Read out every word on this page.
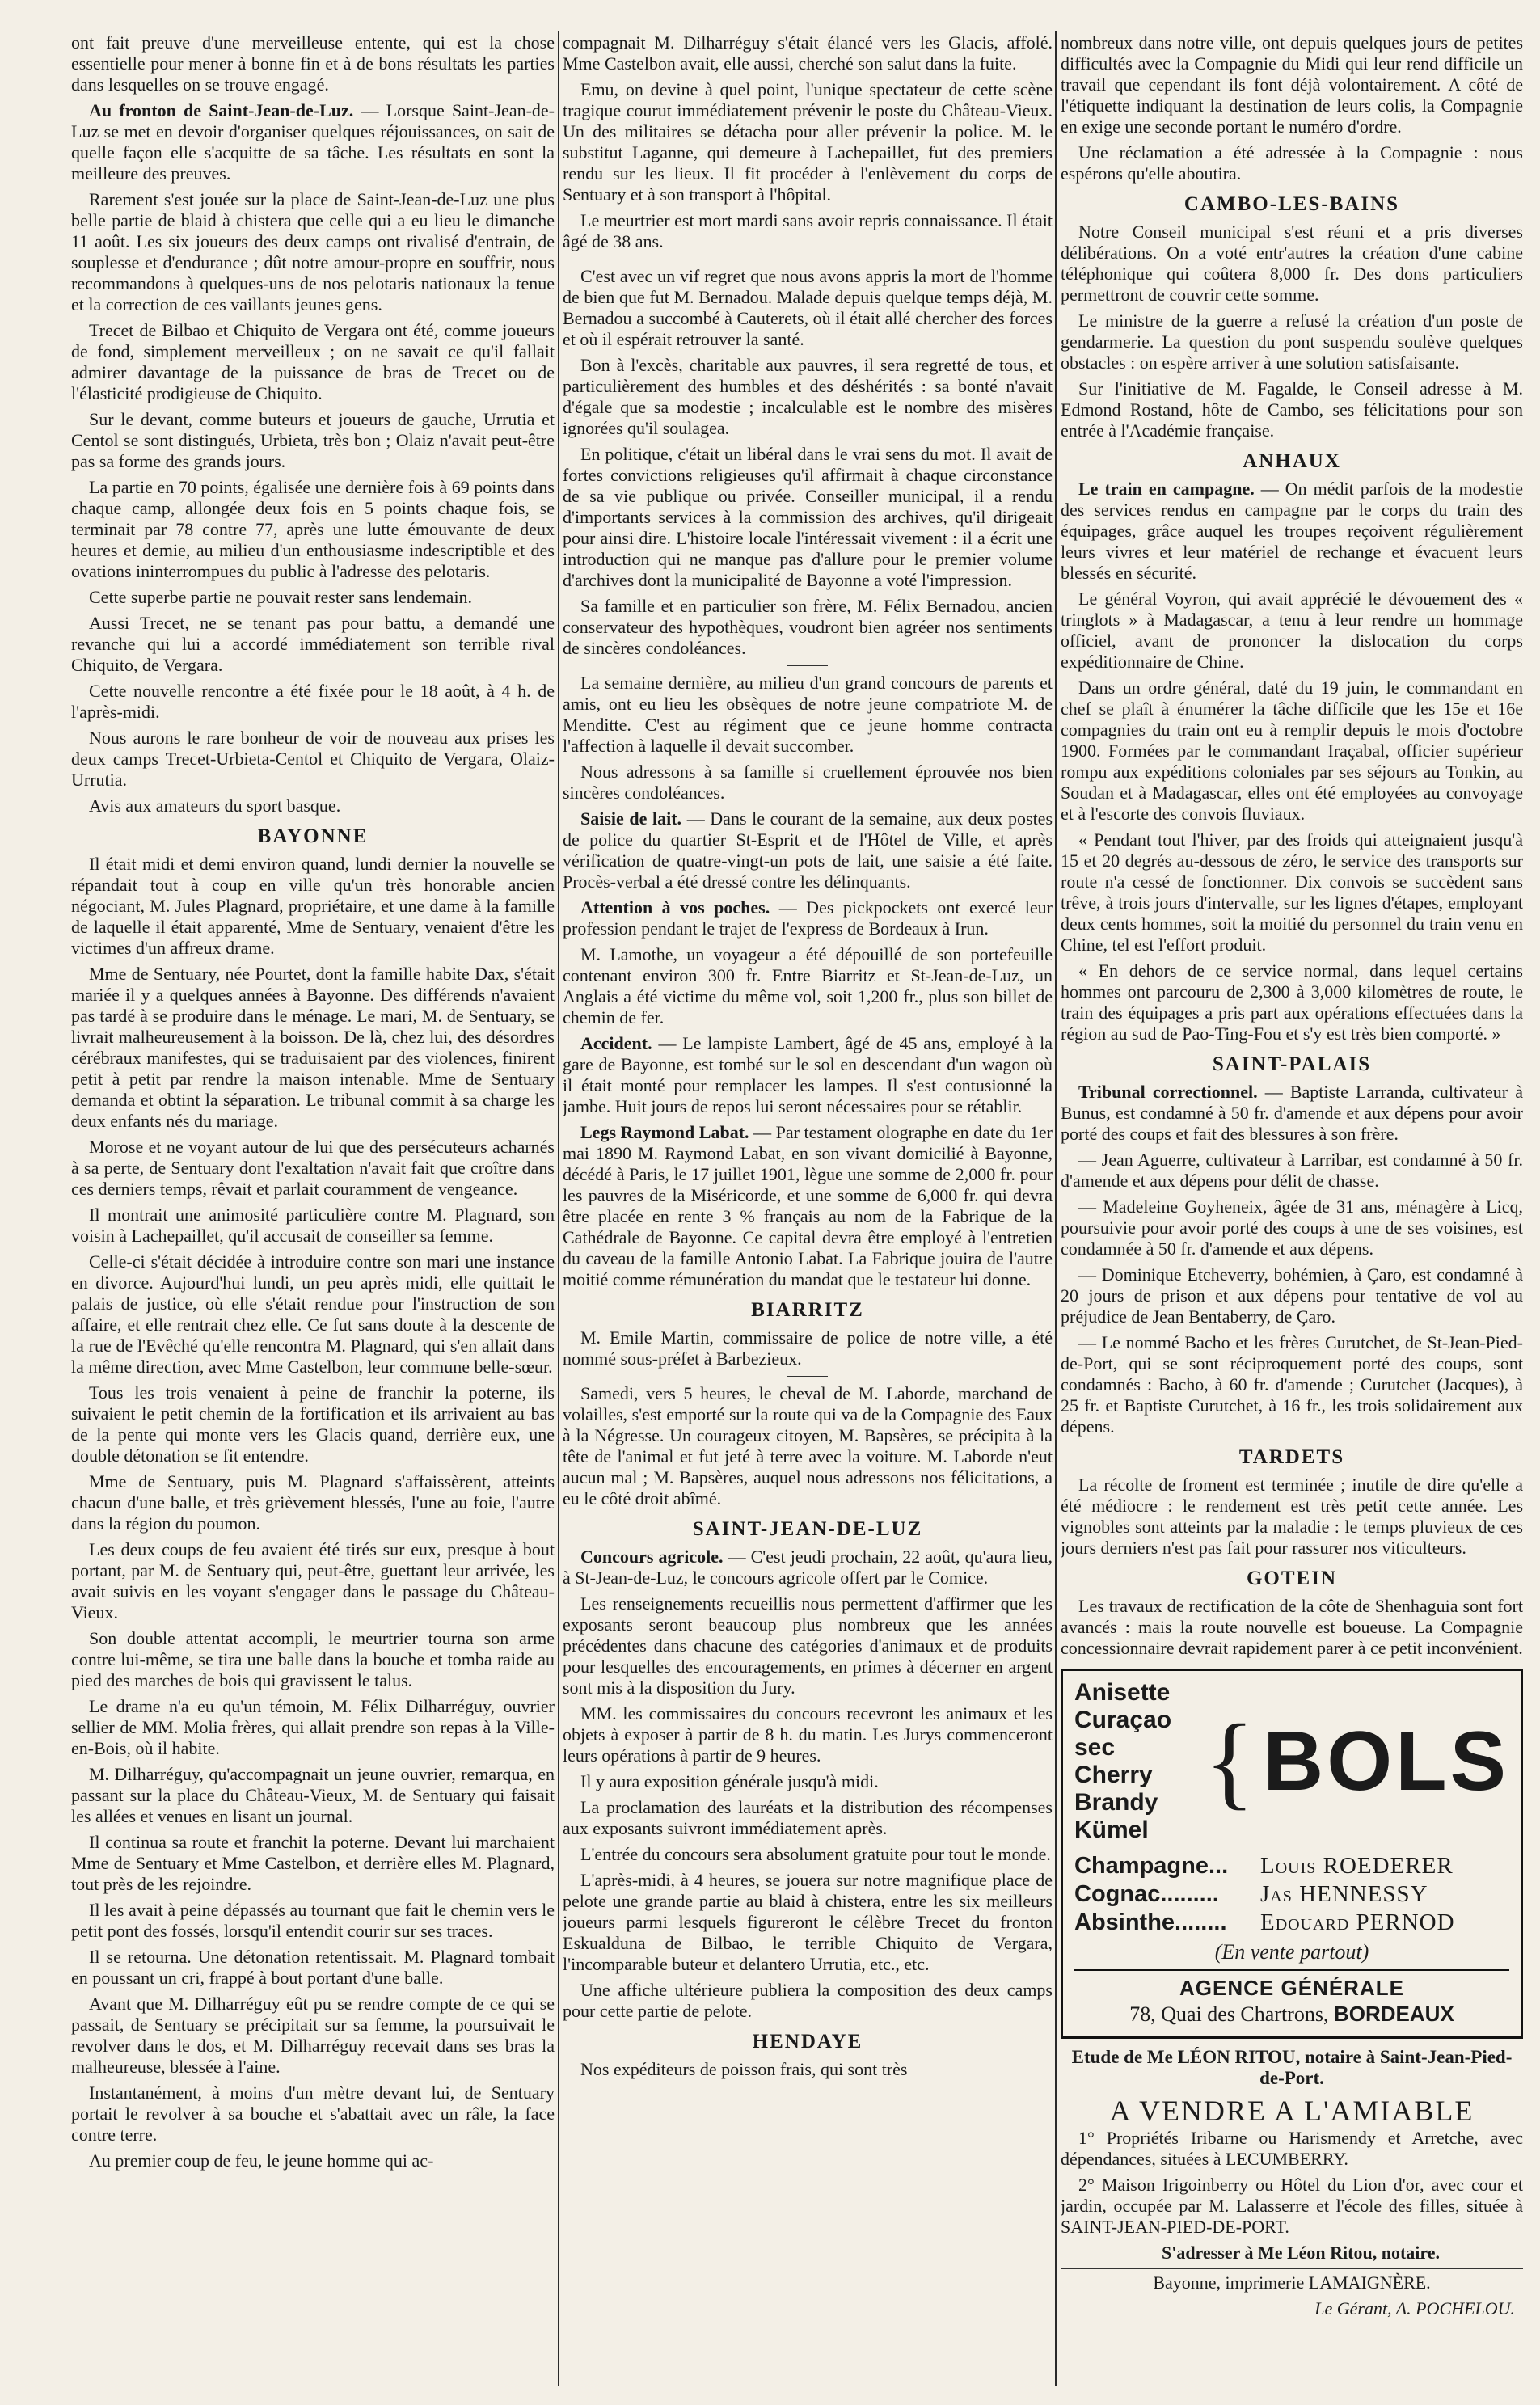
ont fait preuve d'une merveilleuse entente, qui est la chose essentielle pour mener à bonne fin et à de bons résultats les parties dans lesquelles on se trouve engagé.

Au fronton de Saint-Jean-de-Luz. — Lorsque Saint-Jean-de-Luz se met en devoir d'organiser quelques réjouissances, on sait de quelle façon elle s'acquitte de sa tâche. Les résultats en sont la meilleure des preuves.

Rarement s'est jouée sur la place de Saint-Jean-de-Luz une plus belle partie de blaid à chistera que celle qui a eu lieu le dimanche 11 août. Les six joueurs des deux camps ont rivalisé d'entrain, de souplesse et d'endurance ; dût notre amour-propre en souffrir, nous recommandons à quelques-uns de nos pelotaris nationaux la tenue et la correction de ces vaillants jeunes gens.

Trecet de Bilbao et Chiquito de Vergara ont été, comme joueurs de fond, simplement merveilleux ; on ne savait ce qu'il fallait admirer davantage de la puissance de bras de Trecet ou de l'élasticité prodigieuse de Chiquito.

Sur le devant, comme buteurs et joueurs de gauche, Urrutia et Centol se sont distingués, Urbieta, très bon ; Olaiz n'avait peut-être pas sa forme des grands jours.

La partie en 70 points, égalisée une dernière fois à 69 points dans chaque camp, allongée deux fois en 5 points chaque fois, se terminait par 78 contre 77, après une lutte émouvante de deux heures et demie, au milieu d'un enthousiasme indescriptible et des ovations ininterrompues du public à l'adresse des pelotaris.

Cette superbe partie ne pouvait rester sans lendemain.

Aussi Trecet, ne se tenant pas pour battu, a demandé une revanche qui lui a accordé immédiatement son terrible rival Chiquito, de Vergara.

Cette nouvelle rencontre a été fixée pour le 18 août, à 4 h. de l'après-midi.

Nous aurons le rare bonheur de voir de nouveau aux prises les deux camps Trecet-Urbieta-Centol et Chiquito de Vergara, Olaiz-Urrutia.

Avis aux amateurs du sport basque.

BAYONNE

Il était midi et demi environ quand, lundi dernier la nouvelle se répandait tout à coup en ville qu'un très honorable ancien négociant, M. Jules Plagnard, propriétaire, et une dame à la famille de laquelle il était apparenté, Mme de Sentuary, venaient d'être les victimes d'un affreux drame.

Mme de Sentuary, née Pourtet, dont la famille habite Dax, s'était mariée il y a quelques années à Bayonne. Des différends n'avaient pas tardé à se produire dans le ménage. Le mari, M. de Sentuary, se livrait malheureusement à la boisson. De là, chez lui, des désordres cérébraux manifestes, qui se traduisaient par des violences, finirent petit à petit par rendre la maison intenable. Mme de Sentuary demanda et obtint la séparation. Le tribunal commit à sa charge les deux enfants nés du mariage.

Morose et ne voyant autour de lui que des persécuteurs acharnés à sa perte, de Sentuary dont l'exaltation n'avait fait que croître dans ces derniers temps, rêvait et parlait couramment de vengeance.

Il montrait une animosité particulière contre M. Plagnard, son voisin à Lachepaillet, qu'il accusait de conseiller sa femme.

Celle-ci s'était décidée à introduire contre son mari une instance en divorce. Aujourd'hui lundi, un peu après midi, elle quittait le palais de justice, où elle s'était rendue pour l'instruction de son affaire, et elle rentrait chez elle. Ce fut sans doute à la descente de la rue de l'Evêché qu'elle rencontra M. Plagnard, qui s'en allait dans la même direction, avec Mme Castelbon, leur commune belle-sœur.

Tous les trois venaient à peine de franchir la poterne, ils suivaient le petit chemin de la fortification et ils arrivaient au bas de la pente qui monte vers les Glacis quand, derrière eux, une double détonation se fit entendre.

Mme de Sentuary, puis M. Plagnard s'affaissèrent, atteints chacun d'une balle, et très grièvement blessés, l'une au foie, l'autre dans la région du poumon.

Les deux coups de feu avaient été tirés sur eux, presque à bout portant, par M. de Sentuary qui, peut-être, guettant leur arrivée, les avait suivis en les voyant s'engager dans le passage du Château-Vieux.

Son double attentat accompli, le meurtrier tourna son arme contre lui-même, se tira une balle dans la bouche et tomba raide au pied des marches de bois qui gravissent le talus.

Le drame n'a eu qu'un témoin, M. Félix Dilharréguy, ouvrier sellier de MM. Molia frères, qui allait prendre son repas à la Ville-en-Bois, où il habite.

M. Dilharréguy, qu'accompagnait un jeune ouvrier, remarqua, en passant sur la place du Château-Vieux, M. de Sentuary qui faisait les allées et venues en lisant un journal.

Il continua sa route et franchit la poterne. Devant lui marchaient Mme de Sentuary et Mme Castelbon, et derrière elles M. Plagnard, tout près de les rejoindre.

Il les avait à peine dépassés au tournant que fait le chemin vers le petit pont des fossés, lorsqu'il entendit courir sur ses traces.

Il se retourna. Une détonation retentissait. M. Plagnard tombait en poussant un cri, frappé à bout portant d'une balle.

Avant que M. Dilharréguy eût pu se rendre compte de ce qui se passait, de Sentuary se précipitait sur sa femme, la poursuivait le revolver dans le dos, et M. Dilharréguy recevait dans ses bras la malheureuse, blessée à l'aine.

Instantanément, à moins d'un mètre devant lui, de Sentuary portait le revolver à sa bouche et s'abattait avec un râle, la face contre terre.

Au premier coup de feu, le jeune homme qui ac-

compagnait M. Dilharréguy s'était élancé vers les Glacis, affolé. Mme Castelbon avait, elle aussi, cherché son salut dans la fuite.

Emu, on devine à quel point, l'unique spectateur de cette scène tragique courut immédiatement prévenir le poste du Château-Vieux. Un des militaires se détacha pour aller prévenir la police. M. le substitut Laganne, qui demeure à Lachepaillet, fut des premiers rendu sur les lieux. Il fit procéder à l'enlèvement du corps de Sentuary et à son transport à l'hôpital.

Le meurtrier est mort mardi sans avoir repris connaissance. Il était âgé de 38 ans.

C'est avec un vif regret que nous avons appris la mort de l'homme de bien que fut M. Bernadou. Malade depuis quelque temps déjà, M. Bernadou a succombé à Cauterets, où il était allé chercher des forces et où il espérait retrouver la santé.

Bon à l'excès, charitable aux pauvres, il sera regretté de tous, et particulièrement des humbles et des déshérités : sa bonté n'avait d'égale que sa modestie ; incalculable est le nombre des misères ignorées qu'il soulagea.

En politique, c'était un libéral dans le vrai sens du mot. Il avait de fortes convictions religieuses qu'il affirmait à chaque circonstance de sa vie publique ou privée. Conseiller municipal, il a rendu d'importants services à la commission des archives, qu'il dirigeait pour ainsi dire. L'histoire locale l'intéressait vivement : il a écrit une introduction qui ne manque pas d'allure pour le premier volume d'archives dont la municipalité de Bayonne a voté l'impression.

Sa famille et en particulier son frère, M. Félix Bernadou, ancien conservateur des hypothèques, voudront bien agréer nos sentiments de sincères condoléances.

La semaine dernière, au milieu d'un grand concours de parents et amis, ont eu lieu les obsèques de notre jeune compatriote M. de Menditte. C'est au régiment que ce jeune homme contracta l'affection à laquelle il devait succomber.

Nous adressons à sa famille si cruellement éprouvée nos bien sincères condoléances.

Saisie de lait. — Dans le courant de la semaine, aux deux postes de police du quartier St-Esprit et de l'Hôtel de Ville, et après vérification de quatre-vingt-un pots de lait, une saisie a été faite. Procès-verbal a été dressé contre les délinquants.

Attention à vos poches. — Des pickpockets ont exercé leur profession pendant le trajet de l'express de Bordeaux à Irun.

M. Lamothe, un voyageur a été dépouillé de son portefeuille contenant environ 300 fr. Entre Biarritz et St-Jean-de-Luz, un Anglais a été victime du même vol, soit 1,200 fr., plus son billet de chemin de fer.

Accident. — Le lampiste Lambert, âgé de 45 ans, employé à la gare de Bayonne, est tombé sur le sol en descendant d'un wagon où il était monté pour remplacer les lampes. Il s'est contusionné la jambe. Huit jours de repos lui seront nécessaires pour se rétablir.

Legs Raymond Labat. — Par testament olographe en date du 1er mai 1890 M. Raymond Labat, en son vivant domicilié à Bayonne, décédé à Paris, le 17 juillet 1901, lègue une somme de 2,000 fr. pour les pauvres de la Miséricorde, et une somme de 6,000 fr. qui devra être placée en rente 3 % français au nom de la Fabrique de la Cathédrale de Bayonne. Ce capital devra être employé à l'entretien du caveau de la famille Antonio Labat. La Fabrique jouira de l'autre moitié comme rémunération du mandat que le testateur lui donne.

BIARRITZ

M. Emile Martin, commissaire de police de notre ville, a été nommé sous-préfet à Barbezieux.

Samedi, vers 5 heures, le cheval de M. Laborde, marchand de volailles, s'est emporté sur la route qui va de la Compagnie des Eaux à la Négresse. Un courageux citoyen, M. Bapsères, se précipita à la tête de l'animal et fut jeté à terre avec la voiture. M. Laborde n'eut aucun mal ; M. Bapsères, auquel nous adressons nos félicitations, a eu le côté droit abîmé.

SAINT-JEAN-DE-LUZ

Concours agricole. — C'est jeudi prochain, 22 août, qu'aura lieu, à St-Jean-de-Luz, le concours agricole offert par le Comice.

Les renseignements recueillis nous permettent d'affirmer que les exposants seront beaucoup plus nombreux que les années précédentes dans chacune des catégories d'animaux et de produits pour lesquelles des encouragements, en primes à décerner en argent sont mis à la disposition du Jury.

MM. les commissaires du concours recevront les animaux et les objets à exposer à partir de 8 h. du matin. Les Jurys commenceront leurs opérations à partir de 9 heures.

Il y aura exposition générale jusqu'à midi.

La proclamation des lauréats et la distribution des récompenses aux exposants suivront immédiatement après.

L'entrée du concours sera absolument gratuite pour tout le monde.

L'après-midi, à 4 heures, se jouera sur notre magnifique place de pelote une grande partie au blaid à chistera, entre les six meilleurs joueurs parmi lesquels figureront le célèbre Trecet du fronton Eskualduna de Bilbao, le terrible Chiquito de Vergara, l'incomparable buteur et delantero Urrutia, etc., etc.

Une affiche ultérieure publiera la composition des deux camps pour cette partie de pelote.

HENDAYE

Nos expéditeurs de poisson frais, qui sont très

nombreux dans notre ville, ont depuis quelques jours de petites difficultés avec la Compagnie du Midi qui leur rend difficile un travail que cependant ils font déjà volontairement. A côté de l'étiquette indiquant la destination de leurs colis, la Compagnie en exige une seconde portant le numéro d'ordre.

Une réclamation a été adressée à la Compagnie : nous espérons qu'elle aboutira.

CAMBO-LES-BAINS

Notre Conseil municipal s'est réuni et a pris diverses délibérations. On a voté entr'autres la création d'une cabine téléphonique qui coûtera 8,000 fr. Des dons particuliers permettront de couvrir cette somme.

Le ministre de la guerre a refusé la création d'un poste de gendarmerie. La question du pont suspendu soulève quelques obstacles : on espère arriver à une solution satisfaisante.

Sur l'initiative de M. Fagalde, le Conseil adresse à M. Edmond Rostand, hôte de Cambo, ses félicitations pour son entrée à l'Académie française.

ANHAUX

Le train en campagne. — On médit parfois de la modestie des services rendus en campagne par le corps du train des équipages, grâce auquel les troupes reçoivent régulièrement leurs vivres et leur matériel de rechange et évacuent leurs blessés en sécurité.

Le général Voyron, qui avait apprécié le dévouement des « tringlots » à Madagascar, a tenu à leur rendre un hommage officiel, avant de prononcer la dislocation du corps expéditionnaire de Chine.

Dans un ordre général, daté du 19 juin, le commandant en chef se plaît à énumérer la tâche difficile que les 15e et 16e compagnies du train ont eu à remplir depuis le mois d'octobre 1900. Formées par le commandant Iraçabal, officier supérieur rompu aux expéditions coloniales par ses séjours au Tonkin, au Soudan et à Madagascar, elles ont été employées au convoyage et à l'escorte des convois fluviaux.

« Pendant tout l'hiver, par des froids qui atteignaient jusqu'à 15 et 20 degrés au-dessous de zéro, le service des transports sur route n'a cessé de fonctionner. Dix convois se succèdent sans trêve, à trois jours d'intervalle, sur les lignes d'étapes, employant deux cents hommes, soit la moitié du personnel du train venu en Chine, tel est l'effort produit.

« En dehors de ce service normal, dans lequel certains hommes ont parcouru de 2,300 à 3,000 kilomètres de route, le train des équipages a pris part aux opérations effectuées dans la région au sud de Pao-Ting-Fou et s'y est très bien comporté. »

SAINT-PALAIS

Tribunal correctionnel. — Baptiste Larranda, cultivateur à Bunus, est condamné à 50 fr. d'amende et aux dépens pour avoir porté des coups et fait des blessures à son frère.

— Jean Aguerre, cultivateur à Larribar, est condamné à 50 fr. d'amende et aux dépens pour délit de chasse.

— Madeleine Goyheneix, âgée de 31 ans, ménagère à Licq, poursuivie pour avoir porté des coups à une de ses voisines, est condamnée à 50 fr. d'amende et aux dépens.

— Dominique Etcheverry, bohémien, à Çaro, est condamné à 20 jours de prison et aux dépens pour tentative de vol au préjudice de Jean Bentaberry, de Çaro.

— Le nommé Bacho et les frères Curutchet, de St-Jean-Pied-de-Port, qui se sont réciproquement porté des coups, sont condamnés : Bacho, à 60 fr. d'amende ; Curutchet (Jacques), à 25 fr. et Baptiste Curutchet, à 16 fr., les trois solidairement aux dépens.

TARDETS

La récolte de froment est terminée ; inutile de dire qu'elle a été médiocre : le rendement est très petit cette année. Les vignobles sont atteints par la maladie : le temps pluvieux de ces jours derniers n'est pas fait pour rassurer nos viticulteurs.

GOTEIN

Les travaux de rectification de la côte de Shenhaguia sont fort avancés : mais la route nouvelle est boueuse. La Compagnie concessionnaire devrait rapidement parer à ce petit inconvénient.

Anisette
Curaçao sec
Cherry Brandy
Kümel
{ BOLS
Champagne...	Louis ROEDERER
Cognac.........	Jas HENNESSY
Absinthe........	Edouard PERNOD
(En vente partout)
AGENCE GÉNÉRALE
78, Quai des Chartrons, BORDEAUX
Etude de Me LÉON RITOU, notaire à Saint-Jean-Pied-de-Port.
A VENDRE A L'AMIABLE

1° Propriétés Iribarne ou Harismendy et Arretche, avec dépendances, situées à LECUMBERRY.

2° Maison Irigoinberry ou Hôtel du Lion d'or, avec cour et jardin, occupée par M. Lalasserre et l'école des filles, située à SAINT-JEAN-PIED-DE-PORT.

S'adresser à Me Léon Ritou, notaire.

Bayonne, imprimerie LAMAIGNÈRE.
Le Gérant, A. POCHELOU.
